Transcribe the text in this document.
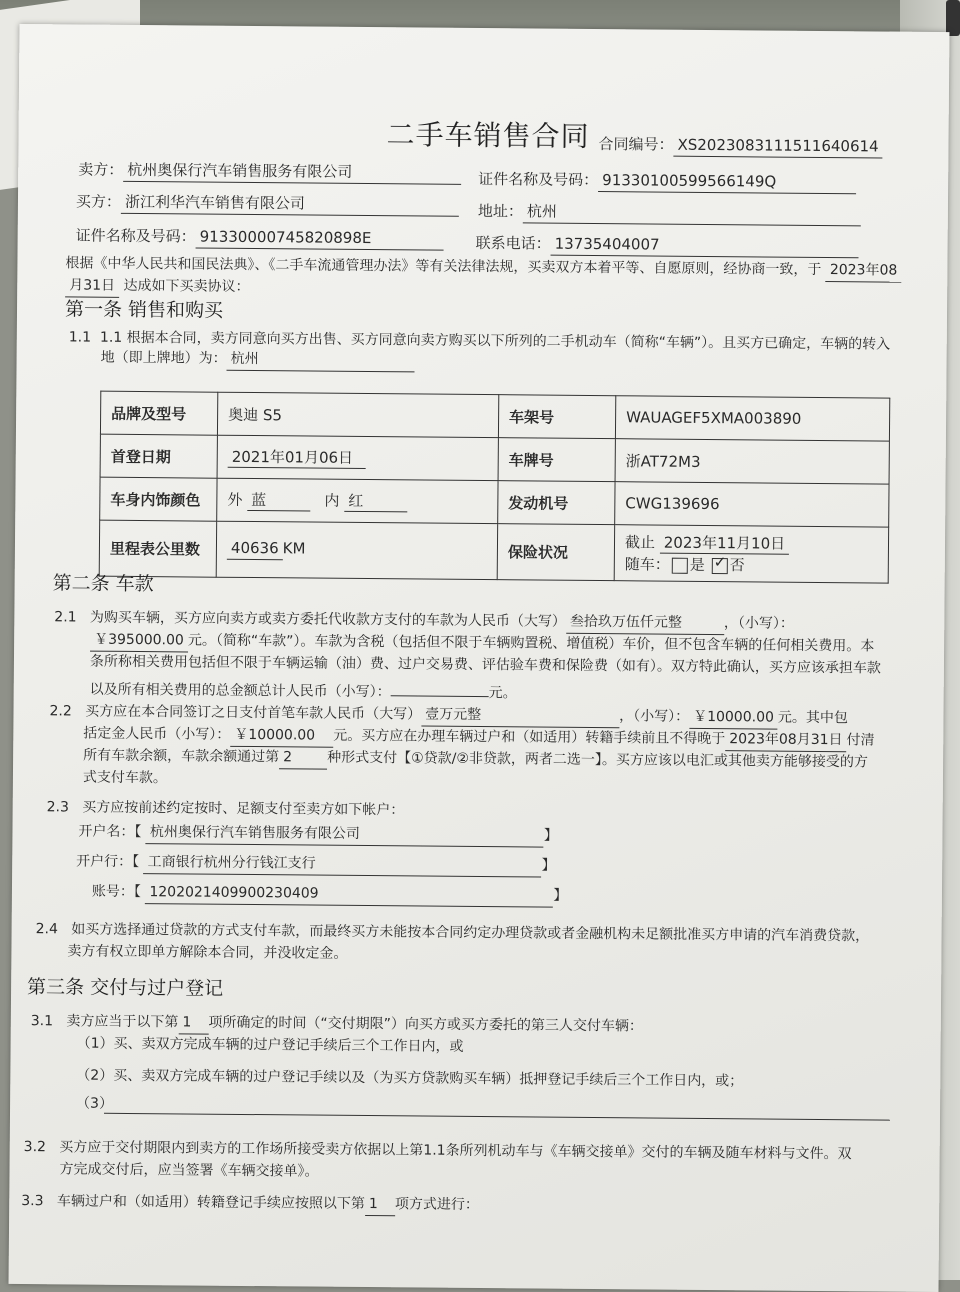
二手车销售合同 合同编号： XS2023083111511640614
卖方： 杭州奥保行汽车销售服务有限公司	证件名称及号码： 91330100599566149Q
买方： 浙江利华汽车销售有限公司	地址： 杭州
证件名称及号码： 91330000745820898E	联系电话： 13735404007
根据《中华人民共和国民法典》、《二手车流通管理办法》等有关法律法规，买卖双方本着平等、自愿原则，经协商一致，于 2023年08
月31日 达成如下买卖协议：
第一条 销售和购买
1.1 1.1 根据本合同，卖方同意向买方出售、买方同意向卖方购买以下所列的二手机动车（简称“车辆”）。且买方已确定，车辆的转入
地（即上牌地）为： 杭州
品牌及型号	奥迪 S5	车架号	WAUAGEF5XMA003890
首登日期	2021年01月06日	车牌号	浙AT72M3
车身内饰颜色	外 蓝 内 红	发动机号	CWG139696
里程表公里数	40636 KM	保险状况	截止 2023年11月10日
随车： 是 ✓ 否
第二条 车款
2.1 为购买车辆，买方应向卖方或卖方委托代收款方支付的车款为人民币（大写） 叁拾玖万伍仟元整	，（小写）：
￥395000.00 元。（简称“车款”）。车款为含税（包括但不限于车辆购置税、增值税）车价，但不包含车辆的任何相关费用。本
条所称相关费用包括但不限于车辆运输（油）费、过户交易费、评估验车费和保险费（如有）。双方特此确认，买方应该承担车款
以及所有相关费用的总金额总计人民币（小写）：	元。
2.2 买方应在本合同签订之日支付首笔车款人民币（大写） 壹万元整	，（小写）： ￥10000.00 元。其中包
括定金人民币（小写）： ￥10000.00 元。买方应在办理车辆过户和（如适用）转籍手续前且不得晚于 2023年08月31日 付清
所有车款余额，车款余额通过第 2 种形式支付【①贷款/②非贷款，两者二选一】。买方应该以电汇或其他卖方能够接受的方
式支付车款。
2.3 买方应按前述约定按时、足额支付至卖方如下帐户：
开户名：【 杭州奥保行汽车销售服务有限公司	】
开户行：【 工商银行杭州分行钱江支行	】
账号：【 1202021409900230409	】
2.4 如买方选择通过贷款的方式支付车款，而最终买方未能按本合同约定办理贷款或者金融机构未足额批准买方申请的汽车消费贷款，
卖方有权立即单方解除本合同，并没收定金。
第三条 交付与过户登记
3.1 卖方应当于以下第 1 项所确定的时间（“交付期限”）向买方或买方委托的第三人交付车辆：
（1）买、卖双方完成车辆的过户登记手续后三个工作日内，或
（2）买、卖双方完成车辆的过户登记手续以及（为买方贷款购买车辆）抵押登记手续后三个工作日内，或；
（3）
3.2 买方应于交付期限内到卖方的工作场所接受卖方依据以上第1.1条所列机动车与《车辆交接单》交付的车辆及随车材料与文件。双
方完成交付后，应当签署《车辆交接单》。
3.3 车辆过户和（如适用）转籍登记手续应按照以下第 1 项方式进行：
